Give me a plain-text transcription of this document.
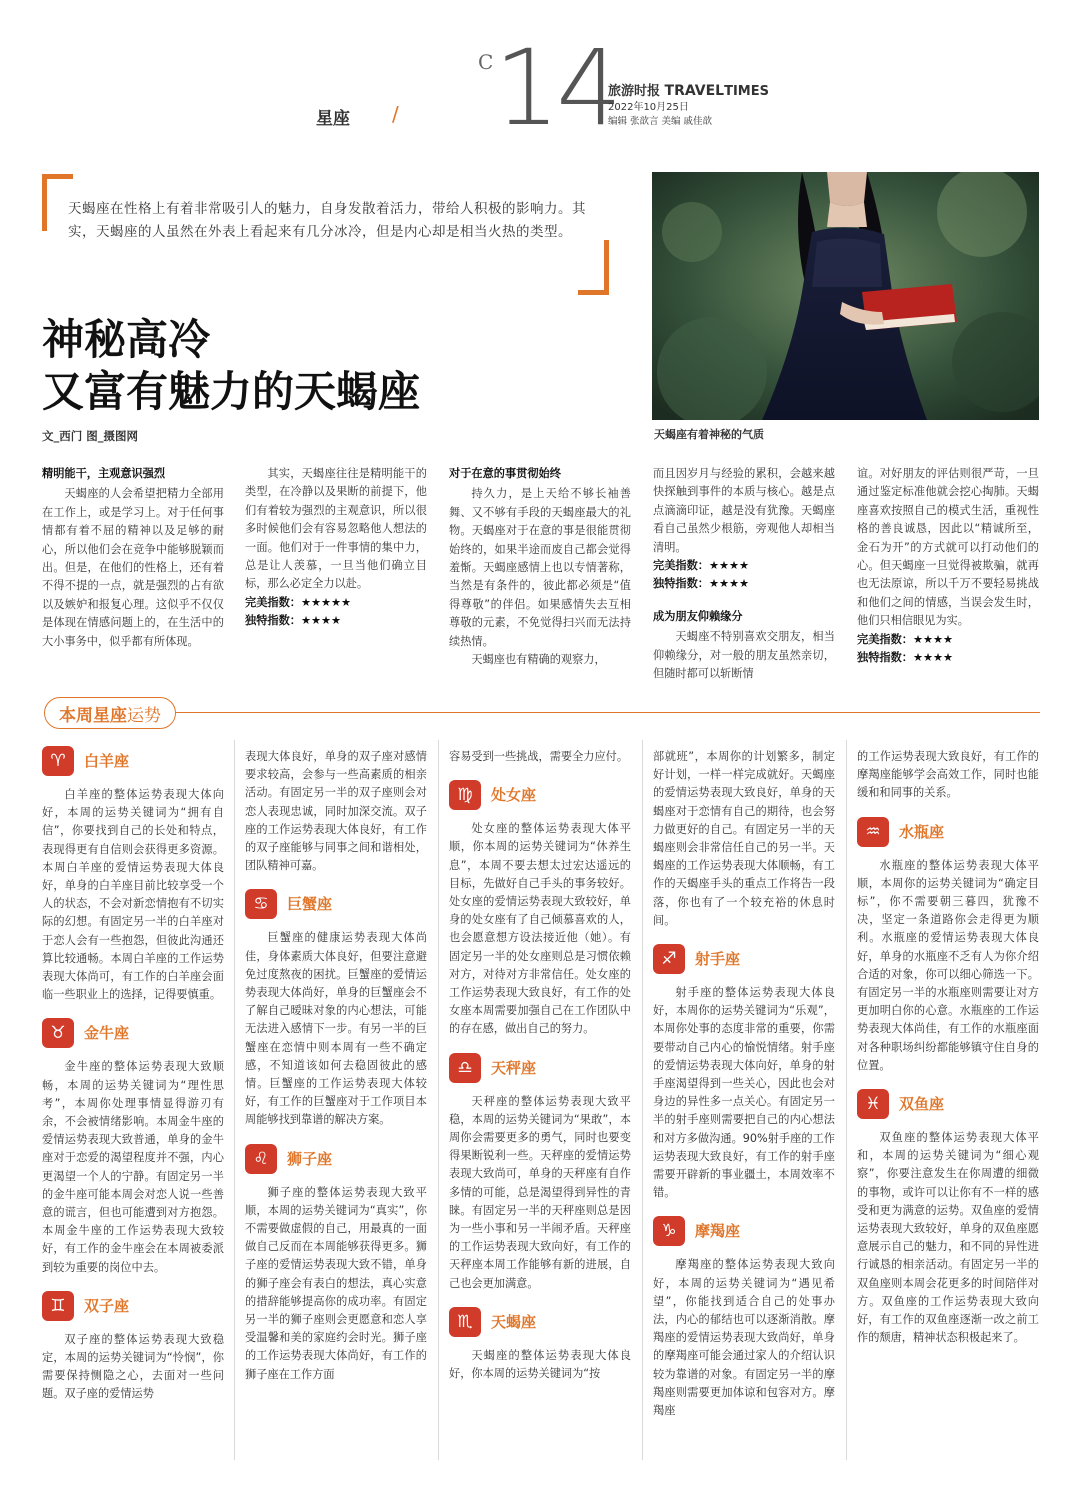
星座 /
C 14
旅游时报 TRAVELTIMES
2022年10月25日
编辑 张歆言 美编 戚佳歆
天蝎座在性格上有着非常吸引人的魅力，自身发散着活力，带给人积极的影响力。其实，天蝎座的人虽然在外表上看起来有几分冰冷，但是内心却是相当火热的类型。
神秘高冷
又富有魅力的天蝎座
文_西门 图_摄图网	天蝎座有着神秘的气质
精明能干，主观意识强烈

天蝎座的人会希望把精力全部用在工作上，或是学习上。对于任何事情都有着不屈的精神以及足够的耐心，所以他们会在竞争中能够脱颖而出。但是，在他们的性格上，还有着不得不提的一点，就是强烈的占有欲以及嫉妒和报复心理。这似乎不仅仅是体现在情感问题上的，在生活中的大小事务中，似乎都有所体现。

其实，天蝎座往往是精明能干的类型，在冷静以及果断的前提下，他们有着较为强烈的主观意识，所以很多时候他们会有容易忽略他人想法的一面。他们对于一件事情的集中力，总是让人羡慕，一旦当他们确立目标，那么必定全力以赴。

完美指数：★★★★★
独特指数：★★★★
对于在意的事贯彻始终

持久力，是上天给不够长袖善舞、又不够有手段的天蝎座最大的礼物。天蝎座对于在意的事是很能贯彻始终的，如果半途而废自己都会觉得羞惭。天蝎座感情上也以专情著称，当然是有条件的，彼此都必须是“值得尊敬”的伴侣。如果感情失去互相尊敬的元素，不免觉得扫兴而无法持续热情。

天蝎座也有精确的观察力，

而且因岁月与经验的累积，会越来越快探触到事件的本质与核心。越是点点滴滴印证，越是没有犹豫。天蝎座看自己虽然少根筋，旁观他人却相当清明。

完美指数：★★★★
独特指数：★★★★
成为朋友仰赖缘分

天蝎座不特别喜欢交朋友，相当仰赖缘分，对一般的朋友虽然亲切，但随时都可以斩断情

谊。对好朋友的评估则很严苛，一旦通过鉴定标准他就会挖心掏肺。天蝎座喜欢按照自己的模式生活，重视性格的善良诚恳，因此以“精诚所至，金石为开”的方式就可以打动他们的心。但天蝎座一旦觉得被欺骗，就再也无法原谅，所以千万不要轻易挑战和他们之间的情感，当误会发生时，他们只相信眼见为实。

完美指数：★★★★
独特指数：★★★★
本周星座 运势
♈	白羊座

白羊座的整体运势表现大体向好，本周的运势关键词为“拥有自信”，你要找到自己的长处和特点，表现得更有自信则会获得更多资源。本周白羊座的爱情运势表现大体良好，单身的白羊座目前比较享受一个人的状态，不会对新恋情抱有不切实际的幻想。有固定另一半的白羊座对于恋人会有一些抱怨，但彼此沟通还算比较通畅。本周白羊座的工作运势表现大体尚可，有工作的白羊座会面临一些职业上的选择，记得要慎重。

♉	金牛座

金牛座的整体运势表现大致顺畅，本周的运势关键词为“理性思考”，本周你处理事情显得游刃有余，不会被情绪影响。本周金牛座的爱情运势表现大致普通，单身的金牛座对于恋爱的渴望程度并不强，内心更渴望一个人的宁静。有固定另一半的金牛座可能本周会对恋人说一些善意的谎言，但也可能遭到对方抱怨。本周金牛座的工作运势表现大致较好，有工作的金牛座会在本周被委派到较为重要的岗位中去。

♊	双子座

双子座的整体运势表现大致稳定，本周的运势关键词为“怜悯”，你需要保持恻隐之心，去面对一些问题。双子座的爱情运势

表现大体良好，单身的双子座对感情要求较高，会参与一些高素质的相亲活动。有固定另一半的双子座则会对恋人表现忠诚，同时加深交流。双子座的工作运势表现大体良好，有工作的双子座能够与同事之间和谐相处，团队精神可嘉。

♋	巨蟹座

巨蟹座的健康运势表现大体尚佳，身体素质大体良好，但要注意避免过度熬夜的困扰。巨蟹座的爱情运势表现大体尚好，单身的巨蟹座会不了解自己暧昧对象的内心想法，可能无法进入感情下一步。有另一半的巨蟹座在恋情中则本周有一些不确定感，不知道该如何去稳固彼此的感情。巨蟹座的工作运势表现大体较好，有工作的巨蟹座对于工作项目本周能够找到靠谱的解决方案。

♌	狮子座

狮子座的整体运势表现大致平顺，本周的运势关键词为“真实”，你不需要做虚假的自己，用最真的一面做自己反而在本周能够获得更多。狮子座的爱情运势表现大致不错，单身的狮子座会有表白的想法，真心实意的措辞能够提高你的成功率。有固定另一半的狮子座则会更愿意和恋人享受温馨和美的家庭约会时光。狮子座的工作运势表现大体尚好，有工作的狮子座在工作方面

容易受到一些挑战，需要全力应付。

♍	处女座

处女座的整体运势表现大体平顺，你本周的运势关键词为“休养生息”，本周不要去想太过宏达遥远的目标，先做好自己手头的事务较好。处女座的爱情运势表现大致较好，单身的处女座有了自己倾慕喜欢的人，也会愿意想方设法接近他（她）。有固定另一半的处女座则总是习惯依赖对方，对待对方非常信任。处女座的工作运势表现大致良好，有工作的处女座本周需要加强自己在工作团队中的存在感，做出自己的努力。

♎	天秤座

天秤座的整体运势表现大致平稳，本周的运势关键词为“果敢”，本周你会需要更多的勇气，同时也要变得果断锐利一些。天秤座的爱情运势表现大致尚可，单身的天秤座有自作多情的可能，总是渴望得到异性的青睐。有固定另一半的天秤座则总是因为一些小事和另一半闹矛盾。天秤座的工作运势表现大致向好，有工作的天秤座本周工作能够有新的进展，自己也会更加满意。

♏	天蝎座

天蝎座的整体运势表现大体良好，你本周的运势关键词为“按

部就班”，本周你的计划繁多，制定好计划，一样一样完成就好。天蝎座的爱情运势表现大致良好，单身的天蝎座对于恋情有自己的期待，也会努力做更好的自己。有固定另一半的天蝎座则会非常信任自己的另一半。天蝎座的工作运势表现大体顺畅，有工作的天蝎座手头的重点工作将告一段落，你也有了一个较充裕的休息时间。

♐	射手座

射手座的整体运势表现大体良好，本周你的运势关键词为“乐观”，本周你处事的态度非常的重要，你需要带动自己内心的愉悦情绪。射手座的爱情运势表现大体向好，单身的射手座渴望得到一些关心，因此也会对身边的异性多一点关心。有固定另一半的射手座则需要把自己的内心想法和对方多做沟通。90%射手座的工作运势表现大致良好，有工作的射手座需要开辟新的事业疆土，本周效率不错。

♑	摩羯座

摩羯座的整体运势表现大致向好，本周的运势关键词为“遇见希望”，你能找到适合自己的处事办法，内心的郁结也可以逐渐消散。摩羯座的爱情运势表现大致尚好，单身的摩羯座可能会通过家人的介绍认识较为靠谱的对象。有固定另一半的摩羯座则需要更加体谅和包容对方。摩羯座

的工作运势表现大致良好，有工作的摩羯座能够学会高效工作，同时也能缓和和同事的关系。

♒	水瓶座

水瓶座的整体运势表现大体平顺，本周你的运势关键词为“确定目标”，你不需要朝三暮四，犹豫不决，坚定一条道路你会走得更为顺利。水瓶座的爱情运势表现大体良好，单身的水瓶座不乏有人为你介绍合适的对象，你可以细心筛选一下。有固定另一半的水瓶座则需要让对方更加明白你的心意。水瓶座的工作运势表现大体尚佳，有工作的水瓶座面对各种职场纠纷都能够镇守住自身的位置。

♓	双鱼座

双鱼座的整体运势表现大体平和，本周的运势关键词为“细心观察”，你要注意发生在你周遭的细微的事物，或许可以让你有不一样的感受和更为满意的运势。双鱼座的爱情运势表现大致较好，单身的双鱼座愿意展示自己的魅力，和不同的异性进行诚恳的相亲活动。有固定另一半的双鱼座则本周会花更多的时间陪伴对方。双鱼座的工作运势表现大致向好，有工作的双鱼座逐渐一改之前工作的颓唐，精神状态积极起来了。
